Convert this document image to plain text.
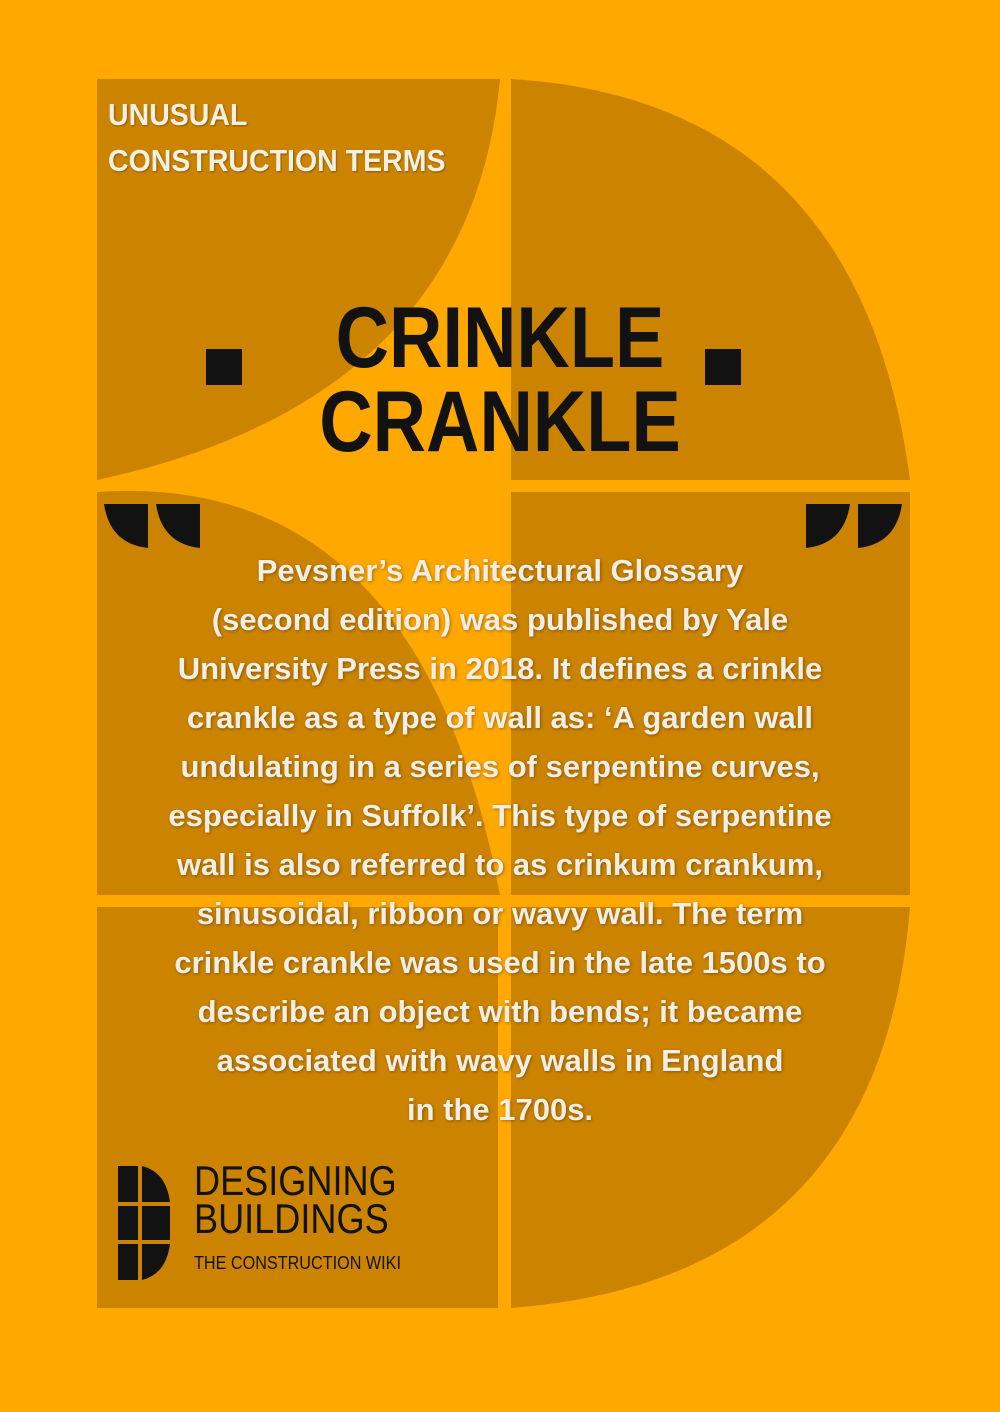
UNUSUAL
CONSTRUCTION TERMS
CRINKLE
CRANKLE
Pevsner’s Architectural Glossary
(second edition) was published by Yale
University Press in 2018. It defines a crinkle
crankle as a type of wall as: ‘A garden wall
undulating in a series of serpentine curves,
especially in Suffolk’. This type of serpentine
wall is also referred to as crinkum crankum,
sinusoidal, ribbon or wavy wall. The term
crinkle crankle was used in the late 1500s to
describe an object with bends; it became
associated with wavy walls in England
in the 1700s.
DESIGNING
BUILDINGS
THE CONSTRUCTION WIKI
